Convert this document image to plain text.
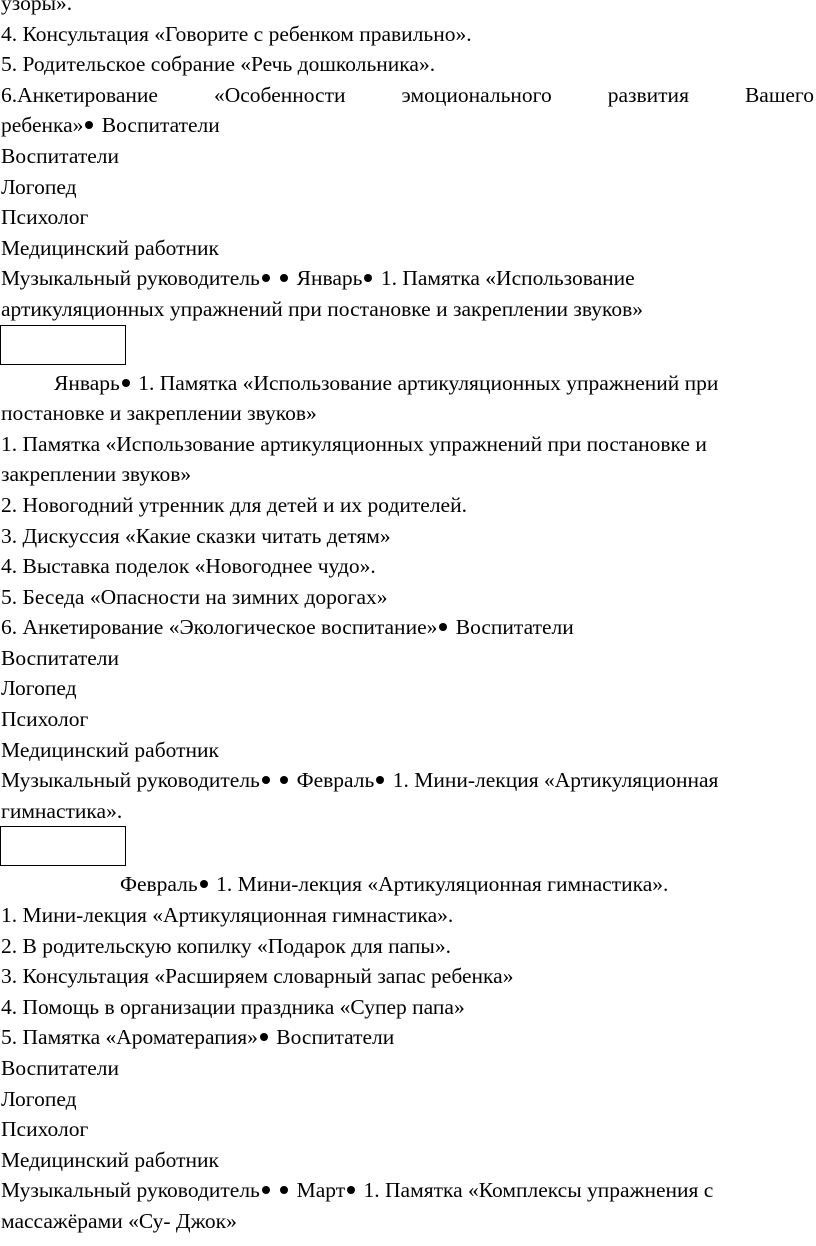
узоры».
4. Консультация «Говорите с ребенком правильно».
5. Родительское собрание «Речь дошкольника».
6.Анкетирование	«Особенности	эмоционального	развития	Вашего
ребенка» Воспитатели
Воспитатели
Логопед
Психолог
Медицинский работник
Музыкальный руководитель Январь 1. Памятка «Использование
артикуляционных упражнений при постановке и закреплении звуков»
Январь 1. Памятка «Использование артикуляционных упражнений при
постановке и закреплении звуков»
1. Памятка «Использование артикуляционных упражнений при постановке и
закреплении звуков»
2. Новогодний утренник для детей и их родителей.
3. Дискуссия «Какие сказки читать детям»
4. Выставка поделок «Новогоднее чудо».
5. Беседа «Опасности на зимних дорогах»
6. Анкетирование «Экологическое воспитание» Воспитатели
Воспитатели
Логопед
Психолог
Медицинский работник
Музыкальный руководитель Февраль 1. Мини-лекция «Артикуляционная
гимнастика».
Февраль 1. Мини-лекция «Артикуляционная гимнастика».
1. Мини-лекция «Артикуляционная гимнастика».
2. В родительскую копилку «Подарок для папы».
3. Консультация «Расширяем словарный запас ребенка»
4. Помощь в организации праздника «Супер папа»
5. Памятка «Ароматерапия» Воспитатели
Воспитатели
Логопед
Психолог
Медицинский работник
Музыкальный руководитель Март 1. Памятка «Комплексы упражнения с
массажёрами «Су- Джок»
